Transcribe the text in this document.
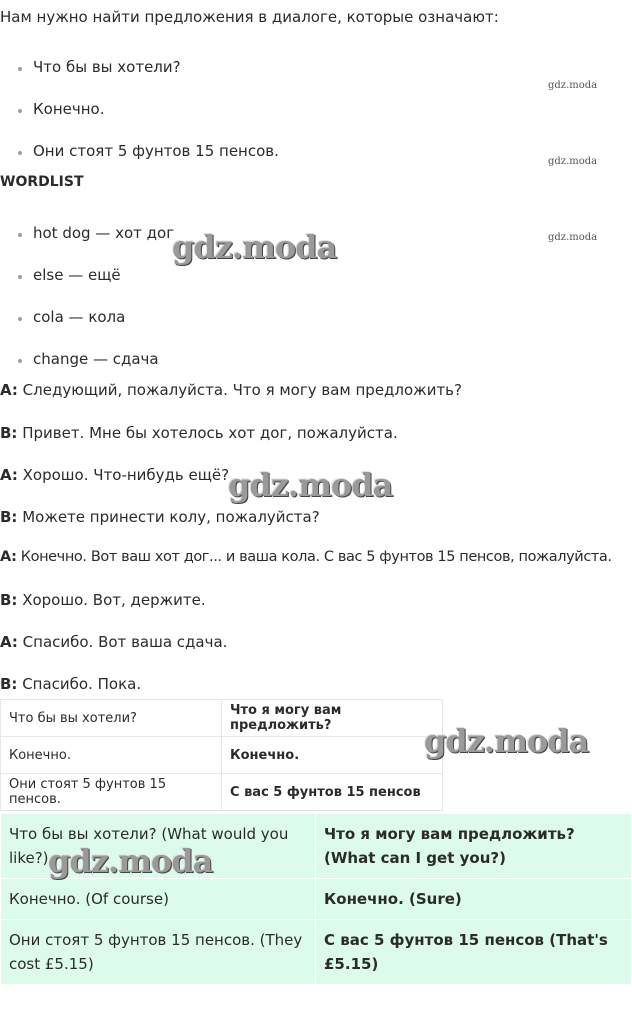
Нам нужно найти предложения в диалоге, которые означают:

Что бы вы хотели?
Конечно.
Они стоят 5 фунтов 15 пенсов.

WORDLIST

hot dog — хот дог
else — ещё
cola — кола
change — сдача

A: Следующий, пожалуйста. Что я могу вам предложить?

B: Привет. Мне бы хотелось хот дог, пожалуйста.

A: Хорошо. Что-нибудь ещё?

B: Можете принести колу, пожалуйста?

A: Конечно. Вот ваш хот дог... и ваша кола. С вас 5 фунтов 15 пенсов, пожалуйста.

B: Хорошо. Вот, держите.

A: Спасибо. Вот ваша сдача.

B: Спасибо. Пока.

Что бы вы хотели?	Что я могу вам предложить?
Конечно.	Конечно.
Они стоят 5 фунтов 15 пенсов.	С вас 5 фунтов 15 пенсов
Что бы вы хотели? (What would you like?)	Что я могу вам предложить? (What can I get you?)
Конечно. (Of course)	Конечно. (Sure)
Они стоят 5 фунтов 15 пенсов. (They cost £5.15)	С вас 5 фунтов 15 пенсов (That's £5.15)
gdz.moda
gdz.moda
gdz.moda
gdz.moda
gdz.moda
gdz.moda
gdz.moda
